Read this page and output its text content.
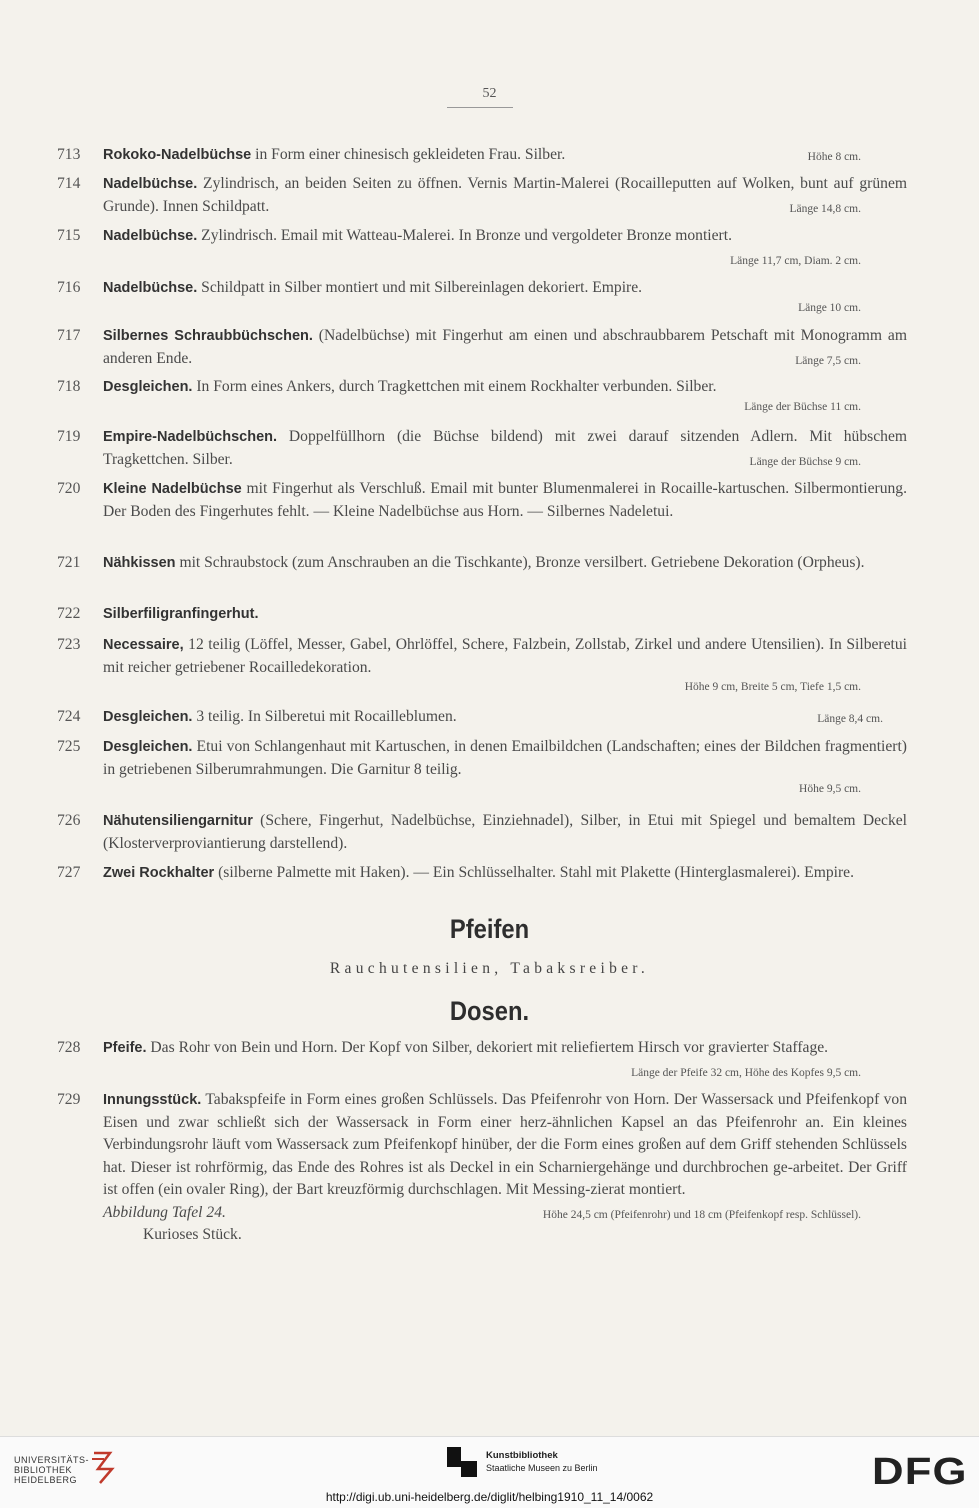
52
713	Rokoko-Nadelbüchse in Form einer chinesisch gekleideten Frau. Silber.	Höhe 8 cm.
714	Nadelbüchse. Zylindrisch, an beiden Seiten zu öffnen. Vernis Martin-Malerei (Rocailleputten auf Wolken, bunt auf grünem Grunde). Innen Schildpatt.	Länge 14,8 cm.
715	Nadelbüchse. Zylindrisch. Email mit Watteau-Malerei. In Bronze und vergoldeter Bronze montiert.
Länge 11,7 cm, Diam. 2 cm.
716	Nadelbüchse. Schildpatt in Silber montiert und mit Silbereinlagen dekoriert. Empire.
Länge 10 cm.
717	Silbernes Schraubbüchschen. (Nadelbüchse) mit Fingerhut am einen und abschraubbarem Petschaft mit Monogramm am anderen Ende.	Länge 7,5 cm.
718	Desgleichen. In Form eines Ankers, durch Tragkettchen mit einem Rockhalter verbunden. Silber.
Länge der Büchse 11 cm.
719	Empire-Nadelbüchschen. Doppelfüllhorn (die Büchse bildend) mit zwei darauf sitzenden Adlern. Mit hübschem Tragkettchen. Silber.	Länge der Büchse 9 cm.
720	Kleine Nadelbüchse mit Fingerhut als Verschluß. Email mit bunter Blumenmalerei in Rocaille-kartuschen. Silbermontierung. Der Boden des Fingerhutes fehlt. — Kleine Nadelbüchse aus Horn. — Silbernes Nadeletui.
721	Nähkissen mit Schraubstock (zum Anschrauben an die Tischkante), Bronze versilbert. Getriebene Dekoration (Orpheus).
722	Silberfiligranfingerhut.
723	Necessaire, 12 teilig (Löffel, Messer, Gabel, Ohrlöffel, Schere, Falzbein, Zollstab, Zirkel und andere Utensilien). In Silberetui mit reicher getriebener Rocailledekoration.
Höhe 9 cm, Breite 5 cm, Tiefe 1,5 cm.
724	Desgleichen. 3 teilig. In Silberetui mit Rocailleblumen.	Länge 8,4 cm.
725	Desgleichen. Etui von Schlangenhaut mit Kartuschen, in denen Emailbildchen (Landschaften; eines der Bildchen fragmentiert) in getriebenen Silberumrahmungen. Die Garnitur 8 teilig.
Höhe 9,5 cm.
726	Nähutensiliengarnitur (Schere, Fingerhut, Nadelbüchse, Einziehnadel), Silber, in Etui mit Spiegel und bemaltem Deckel (Klosterverproviantierung darstellend).
727	Zwei Rockhalter (silberne Palmette mit Haken). — Ein Schlüsselhalter. Stahl mit Plakette (Hinterglasmalerei). Empire.
Pfeifen
Rauchutensilien, Tabaksreiber.
Dosen.
728	Pfeife. Das Rohr von Bein und Horn. Der Kopf von Silber, dekoriert mit reliefiertem Hirsch vor gravierter Staffage.
Länge der Pfeife 32 cm, Höhe des Kopfes 9,5 cm.
729	Innungsstück. Tabakspfeife in Form eines großen Schlüssels. Das Pfeifenrohr von Horn. Der Wassersack und Pfeifenkopf von Eisen und zwar schließt sich der Wassersack in Form einer herz-ähnlichen Kapsel an das Pfeifenrohr an. Ein kleines Verbindungsrohr läuft vom Wassersack zum Pfeifenkopf hinüber, der die Form eines großen auf dem Griff stehenden Schlüssels hat. Dieser ist rohrförmig, das Ende des Rohres ist als Deckel in ein Scharniergehänge und durchbrochen ge-arbeitet. Der Griff ist offen (ein ovaler Ring), der Bart kreuzförmig durchschlagen. Mit Messing-zierat montiert.
Abbildung Tafel 24.	Höhe 24,5 cm (Pfeifenrohr) und 18 cm (Pfeifenkopf resp. Schlüssel).
Kurioses Stück.
UNIVERSITÄTS-
BIBLIOTHEK
HEIDELBERG
Kunstbibliothek
Staatliche Museen zu Berlin	DFG
http://digi.ub.uni-heidelberg.de/diglit/helbing1910_11_14/0062
